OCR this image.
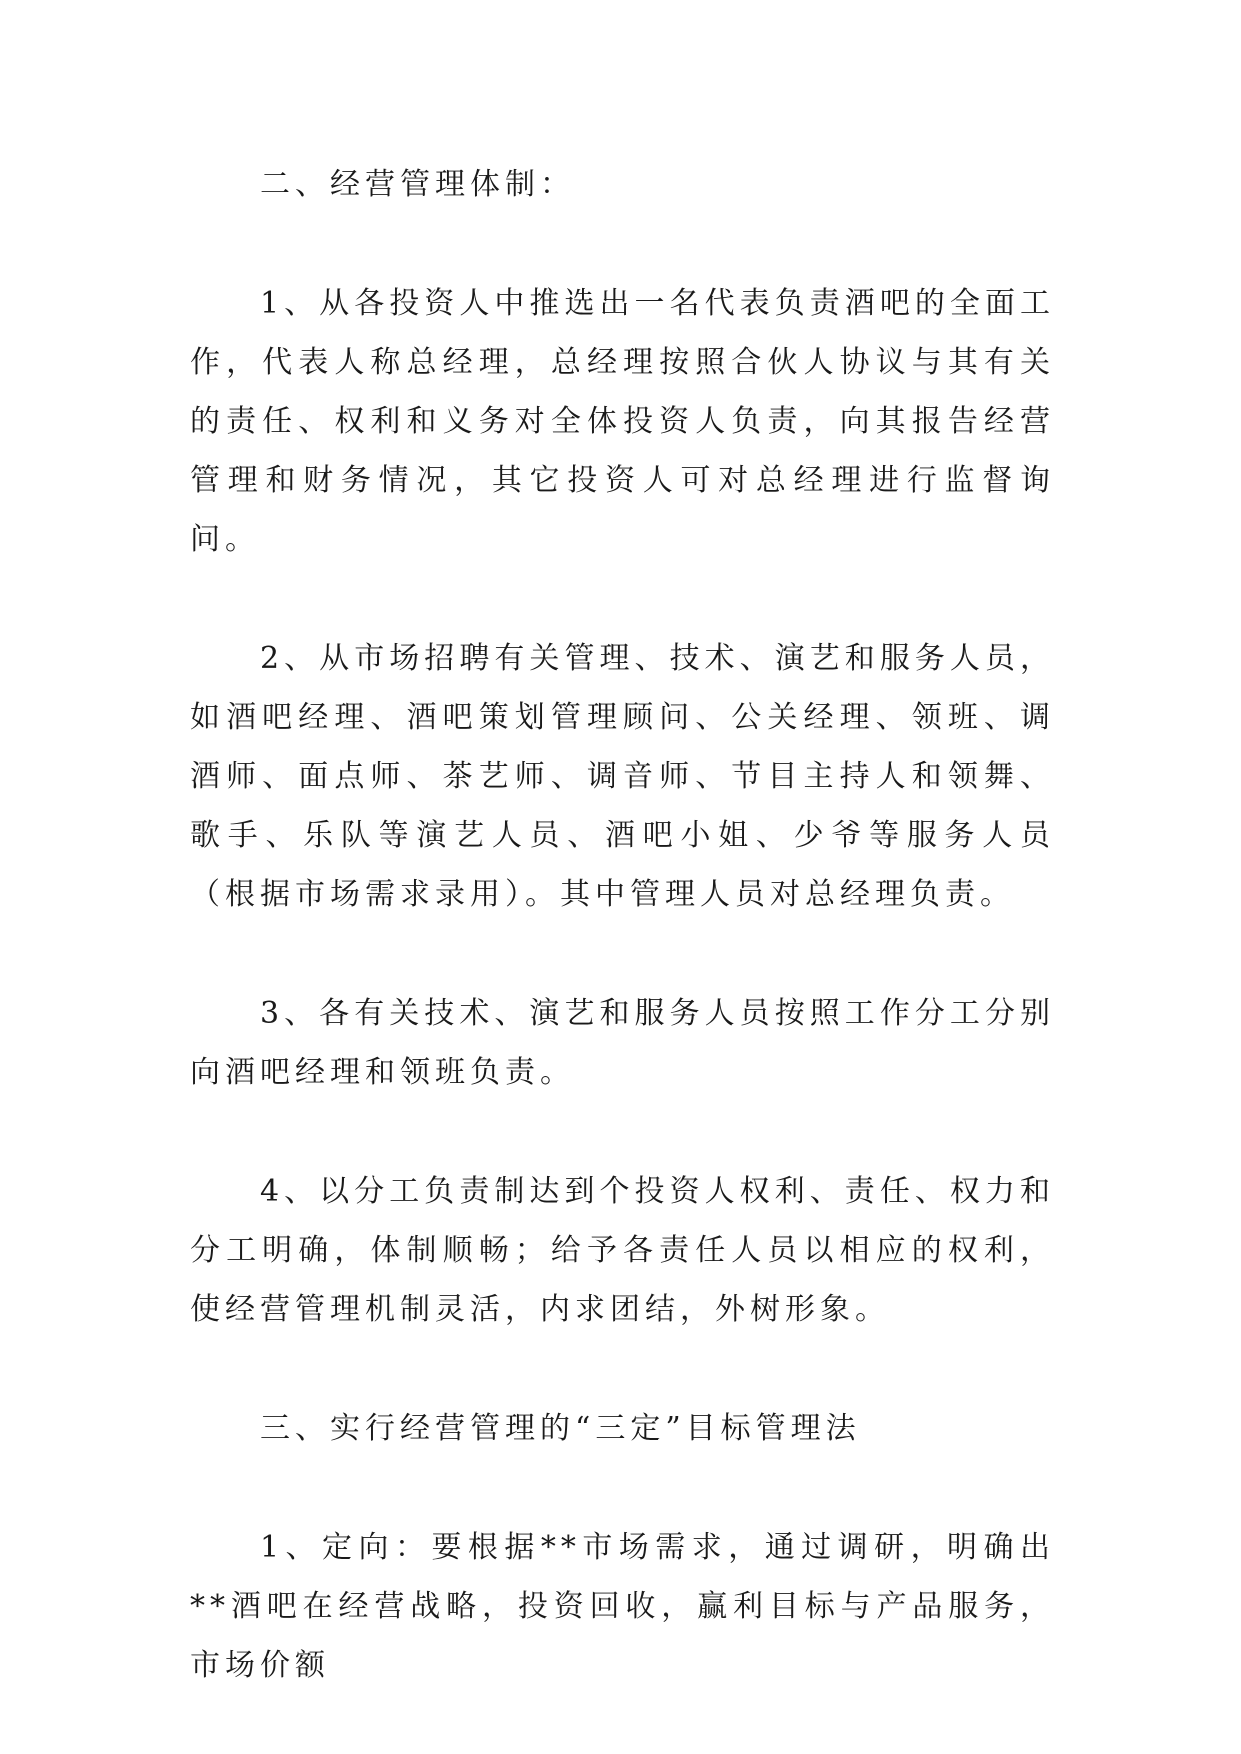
二、经营管理体制：

1、从各投资人中推选出一名代表负责酒吧的全面工作，代表人称总经理，总经理按照合伙人协议与其有关的责任、权利和义务对全体投资人负责，向其报告经营管理和财务情况，其它投资人可对总经理进行监督询问。

2、从市场招聘有关管理、技术、演艺和服务人员，如酒吧经理、酒吧策划管理顾问、公关经理、领班、调酒师、面点师、茶艺师、调音师、节目主持人和领舞、歌手、乐队等演艺人员、酒吧小姐、少爷等服务人员（根据市场需求录用）。其中管理人员对总经理负责。

3、各有关技术、演艺和服务人员按照工作分工分别向酒吧经理和领班负责。

4、以分工负责制达到个投资人权利、责任、权力和分工明确，体制顺畅；给予各责任人员以相应的权利，使经营管理机制灵活，内求团结，外树形象。

三、实行经营管理的“三定”目标管理法

1、定向：要根据**市场需求，通过调研，明确出**酒吧在经营战略，投资回收，赢利目标与产品服务，市场价额
